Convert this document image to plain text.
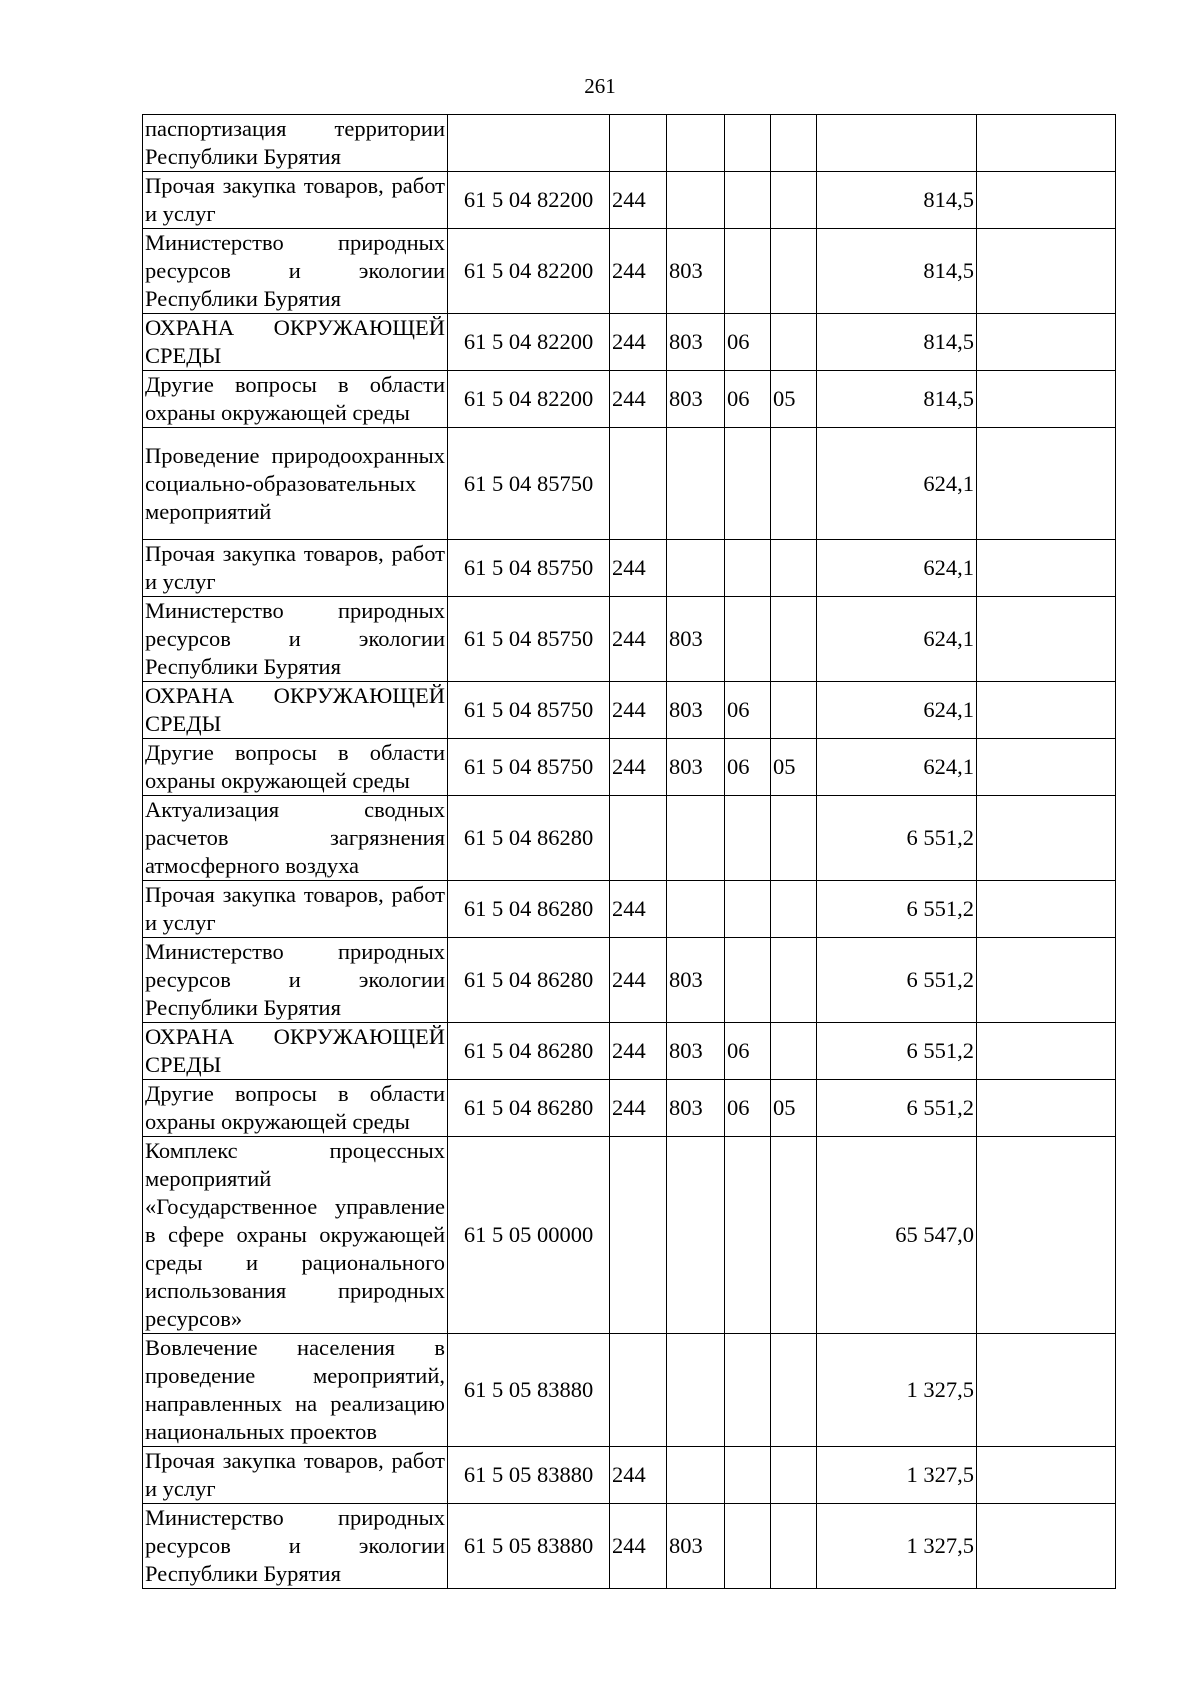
261
паспортизация территории Республики Бурятия							
Прочая закупка товаров, работ и услуг	61 5 04 82200	244				814,5	
Министерство природных ресурсов и экологии Республики Бурятия	61 5 04 82200	244	803			814,5	
ОХРАНА ОКРУЖАЮЩЕЙ СРЕДЫ	61 5 04 82200	244	803	06		814,5	
Другие вопросы в области охраны окружающей среды	61 5 04 82200	244	803	06	05	814,5	
Проведение природоохранных социально-образовательных мероприятий	61 5 04 85750					624,1	
Прочая закупка товаров, работ и услуг	61 5 04 85750	244				624,1	
Министерство природных ресурсов и экологии Республики Бурятия	61 5 04 85750	244	803			624,1	
ОХРАНА ОКРУЖАЮЩЕЙ СРЕДЫ	61 5 04 85750	244	803	06		624,1	
Другие вопросы в области охраны окружающей среды	61 5 04 85750	244	803	06	05	624,1	
Актуализация сводных расчетов загрязнения атмосферного воздуха	61 5 04 86280					6 551,2	
Прочая закупка товаров, работ и услуг	61 5 04 86280	244				6 551,2	
Министерство природных ресурсов и экологии Республики Бурятия	61 5 04 86280	244	803			6 551,2	
ОХРАНА ОКРУЖАЮЩЕЙ СРЕДЫ	61 5 04 86280	244	803	06		6 551,2	
Другие вопросы в области охраны окружающей среды	61 5 04 86280	244	803	06	05	6 551,2	
Комплекс процессных мероприятий «Государственное управление в сфере охраны окружающей среды и рационального использования природных ресурсов»	61 5 05 00000					65 547,0	
Вовлечение населения в проведение мероприятий, направленных на реализацию национальных проектов	61 5 05 83880					1 327,5	
Прочая закупка товаров, работ и услуг	61 5 05 83880	244				1 327,5	
Министерство природных ресурсов и экологии Республики Бурятия	61 5 05 83880	244	803			1 327,5	
